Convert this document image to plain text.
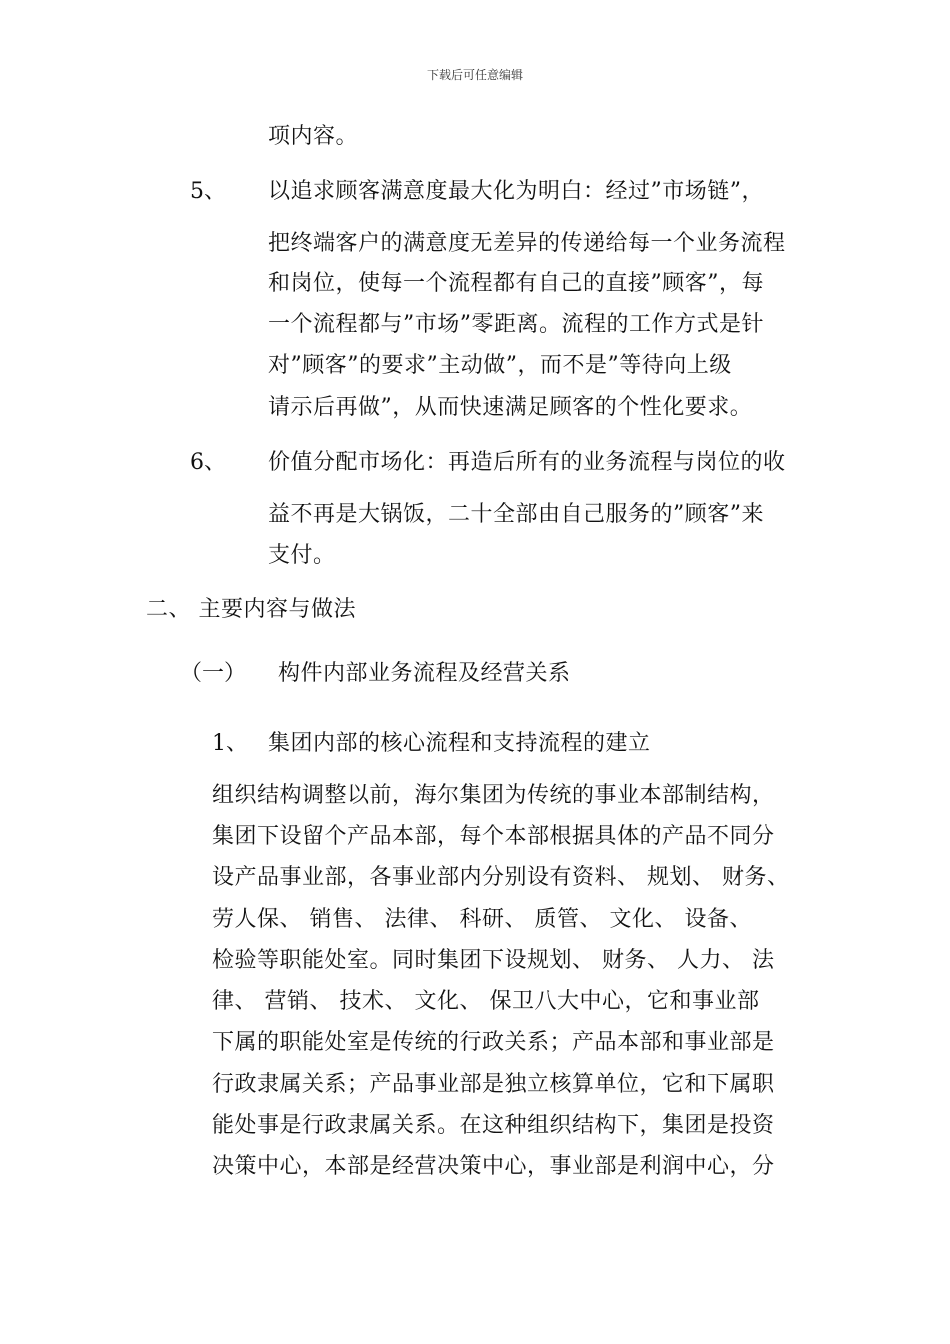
下载后可任意编辑
项内容。
5、 以追求顾客满意度最大化为明白：经过”市场链”，
把终端客户的满意度无差异的传递给每一个业务流程
和岗位，使每一个流程都有自己的直接”顾客”，每
一个流程都与”市场”零距离。流程的工作方式是针
对”顾客”的要求”主动做”，而不是”等待向上级
请示后再做”，从而快速满足顾客的个性化要求。
6、 价值分配市场化：再造后所有的业务流程与岗位的收
益不再是大锅饭，二十全部由自己服务的”顾客”来
支付。
二、 主要内容与做法
（一） 构件内部业务流程及经营关系
1、 集团内部的核心流程和支持流程的建立
组织结构调整以前，海尔集团为传统的事业本部制结构，
集团下设留个产品本部，每个本部根据具体的产品不同分
设产品事业部，各事业部内分别设有资料、 规划、 财务、
劳人保、 销售、 法律、 科研、 质管、 文化、 设备、
检验等职能处室。同时集团下设规划、 财务、 人力、 法
律、 营销、 技术、 文化、 保卫八大中心，它和事业部
下属的职能处室是传统的行政关系；产品本部和事业部是
行政隶属关系；产品事业部是独立核算单位，它和下属职
能处事是行政隶属关系。在这种组织结构下，集团是投资
决策中心，本部是经营决策中心，事业部是利润中心，分
